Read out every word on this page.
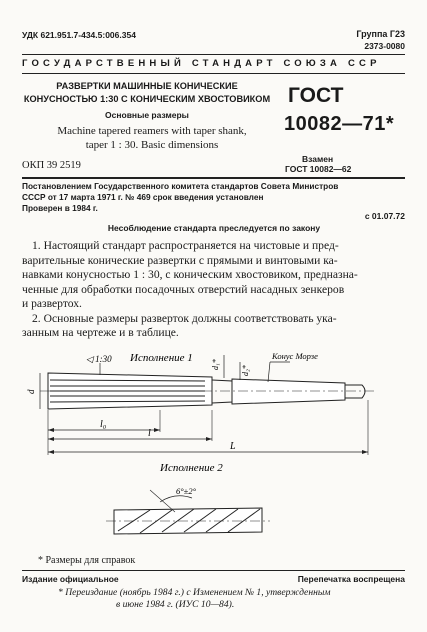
УДК 621.951.7-434.5:006.354	Группа Г23
2373-0080
ГОСУДАРСТВЕННЫЙ СТАНДАРТ СОЮЗА ССР
РАЗВЕРТКИ МАШИННЫЕ КОНИЧЕСКИЕ
КОНУСНОСТЬЮ 1:30 С КОНИЧЕСКИМ ХВОСТОВИКОМ
Основные размеры
Machine tapered reamers with taper shank,
taper 1 : 30. Basic dimensions
ГОСТ
10082—71*
ОКП 39 2519
Взамен
ГОСТ 10082—62
Постановлением Государственного комитета стандартов Совета Министров
СССР от 17 марта 1971 г. № 469 срок введения установлен
Проверен в 1984 г.
с 01.07.72
Несоблюдение стандарта преследуется по закону
1. Настоящий стандарт распространяется на чистовые и пред-
варительные конические развертки с прямыми и винтовыми ка-
навками конусностью 1 : 30, с коническим хвостовиком, предназна-
ченные для обработки посадочных отверстий насадных зенкеров
и развертох.
2. Основные размеры разверток должны соответствовать ука-
занным на чертеже и в таблице.
Исполнение 1
◁ 1:30	Конус Морзе
d
d₁*
d₂*
l₀
l
L
Исполнение 2
6°±2°
* Размеры для справок
Издание официальное	Перепечатка воспрещена
* Переиздание (ноябрь 1984 г.) с Изменением № 1, утвержденным
в июне 1984 г. (ИУС 10—84).
